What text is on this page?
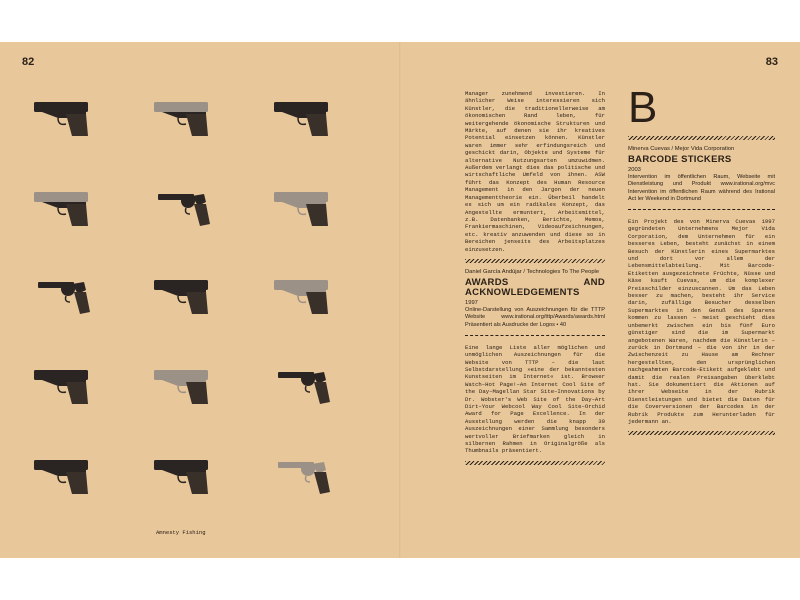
82	83
Amnesty Fishing

Manager zunehmend investieren. In ähnlicher Weise interessieren sich Künstler, die traditionellerweise am ökonomischen Rand leben, für weitergehende ökonomische Strukturen und Märkte, auf denen sie ihr kreatives Potential einsetzen können. Künstler waren immer sehr erfindungsreich und geschickt darin, Objekte und Systeme für alternative Nutzungsarten umzuwidmen. Außerdem verlangt dies das politische und wirtschaftliche Umfeld von ihnen. ASW führt das Konzept des Human Resource Management in den Jargon der neuen Managementtheorie ein. Überbeil handelt es sich um ein radikales Konzept, das Angestellte ermuntert, Arbeitsmittel, z.B. Datenbanken, Berichte, Memos, Frankiermaschinen, Videoaufzeichnungen, etc. kreativ anzuwenden und diese so in Bereichen jenseits des Arbeitsplatzes einzusetzen.

Daniel García Andújar / Technologies To The People
AWARDS AND ACKNOWLEDGEMENTS
1997
Online-Darstellung von Auszeichnungen für die TTTP Website www.irational.org/tttp/Awards/awards.html Präsentiert als Ausdrucke der Logos • 40

Eine lange Liste aller möglichen und unmöglichen Auszeichnungen für die Website von TTTP – die laut Selbstdarstellung »eine der bekanntesten Kunstseiten im Internet« ist. Browser Watch–Hot Page!–An Internet Cool Site of the Day–Magellan Star Site–Innovations by Dr. Wobster's Web Site of the Day–Art Dirt–Your Webcool Way Cool Site–Orchid Award for Page Excellence. In der Ausstellung werden die knapp 30 Auszeichnungen einer Sammlung besonders wertvoller Briefmarken gleich in silbernen Rahmen in Originalgröße als Thumbnails präsentiert.

B
Minerva Cuevas / Mejor Vida Corporation
BARCODE STICKERS
2003
Intervention im öffentlichen Raum, Webseite mit Dienstleistung und Produkt www.irational.org/mvc Intervention im öffentlichen Raum während des Irational Act ler Weekend in Dortmund

Ein Projekt des von Minerva Cuevas 1997 gegründeten Unternehmens Mejor Vida Corporation, dem Unternehmen für ein besseres Leben, besteht zunächst in einem Besuch der Künstlerin eines Supermarktes und dort vor allem der Lebensmittelabteilung. Mit Barcode-Etiketten ausgezeichnete Früchte, Nüsse und Käse kauft Cuevas, um die komplexer Preisschilder einzuscannen. Um das Leben besser zu machen, besteht ihr Service darin, zufällige Besucher desselben Supermarktes in den Genuß des Sparens kommen zu lassen – meist geschieht dies unbemerkt zwischen ein bis fünf Euro günstiger sind die im Supermarkt angebotenen Waren, nachdem die Künstlerin – zurück in Dortmund – die von ihr in der Zwischenzeit zu Hause am Rechner hergestellten, den ursprünglichen nachgeahmten Barcode-Etikett aufgeklebt und damit die realen Preisangaben überklebt hat. Sie dokumentiert die Aktionen auf ihrer Webseite in der Rubrik Dienstleistungen und bietet die Daten für die Coverversionen der Barcodes in der Rubrik Produkte zum Herunterladen für jedermann an.
